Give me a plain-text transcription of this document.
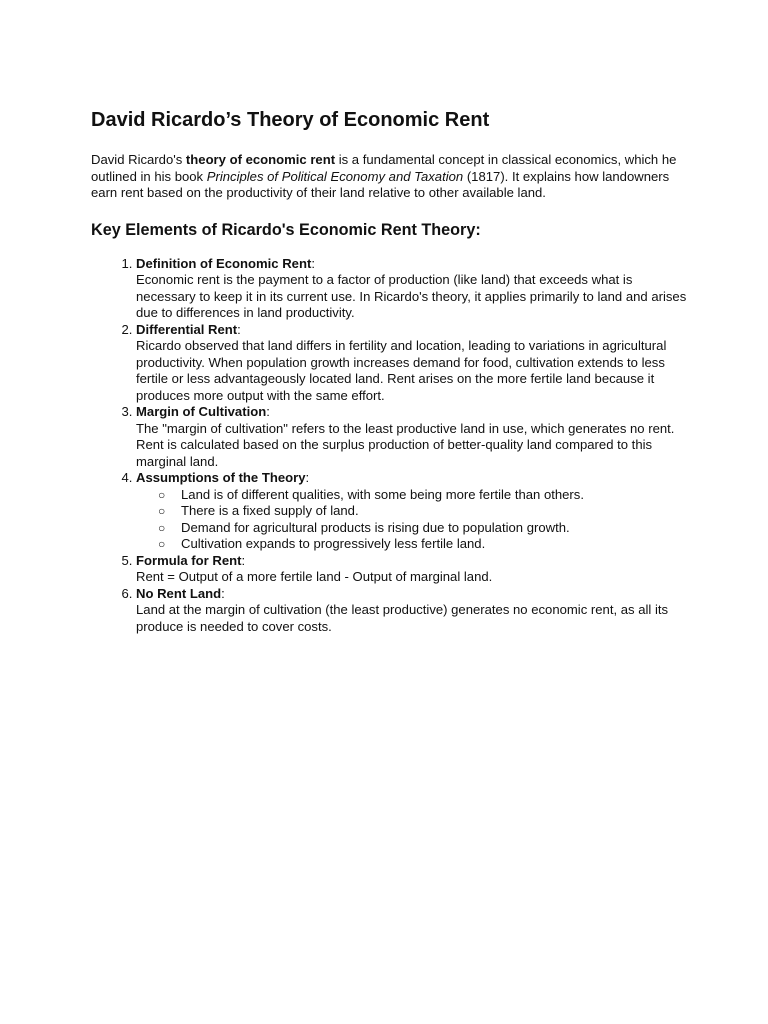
David Ricardo’s Theory of Economic Rent

David Ricardo's theory of economic rent is a fundamental concept in classical economics, which he outlined in his book Principles of Political Economy and Taxation (1817). It explains how landowners earn rent based on the productivity of their land relative to other available land.

Key Elements of Ricardo's Economic Rent Theory:
1. Definition of Economic Rent:
Economic rent is the payment to a factor of production (like land) that exceeds what is necessary to keep it in its current use. In Ricardo's theory, it applies primarily to land and arises due to differences in land productivity.
2. Differential Rent:
Ricardo observed that land differs in fertility and location, leading to variations in agricultural productivity. When population growth increases demand for food, cultivation extends to less fertile or less advantageously located land. Rent arises on the more fertile land because it produces more output with the same effort.
3. Margin of Cultivation:
The "margin of cultivation" refers to the least productive land in use, which generates no rent. Rent is calculated based on the surplus production of better-quality land compared to this marginal land.
4. Assumptions of the Theory:
○ Land is of different qualities, with some being more fertile than others.
○ There is a fixed supply of land.
○ Demand for agricultural products is rising due to population growth.
○ Cultivation expands to progressively less fertile land.
5. Formula for Rent:
Rent = Output of a more fertile land - Output of marginal land.
6. No Rent Land:
Land at the margin of cultivation (the least productive) generates no economic rent, as all its produce is needed to cover costs.
